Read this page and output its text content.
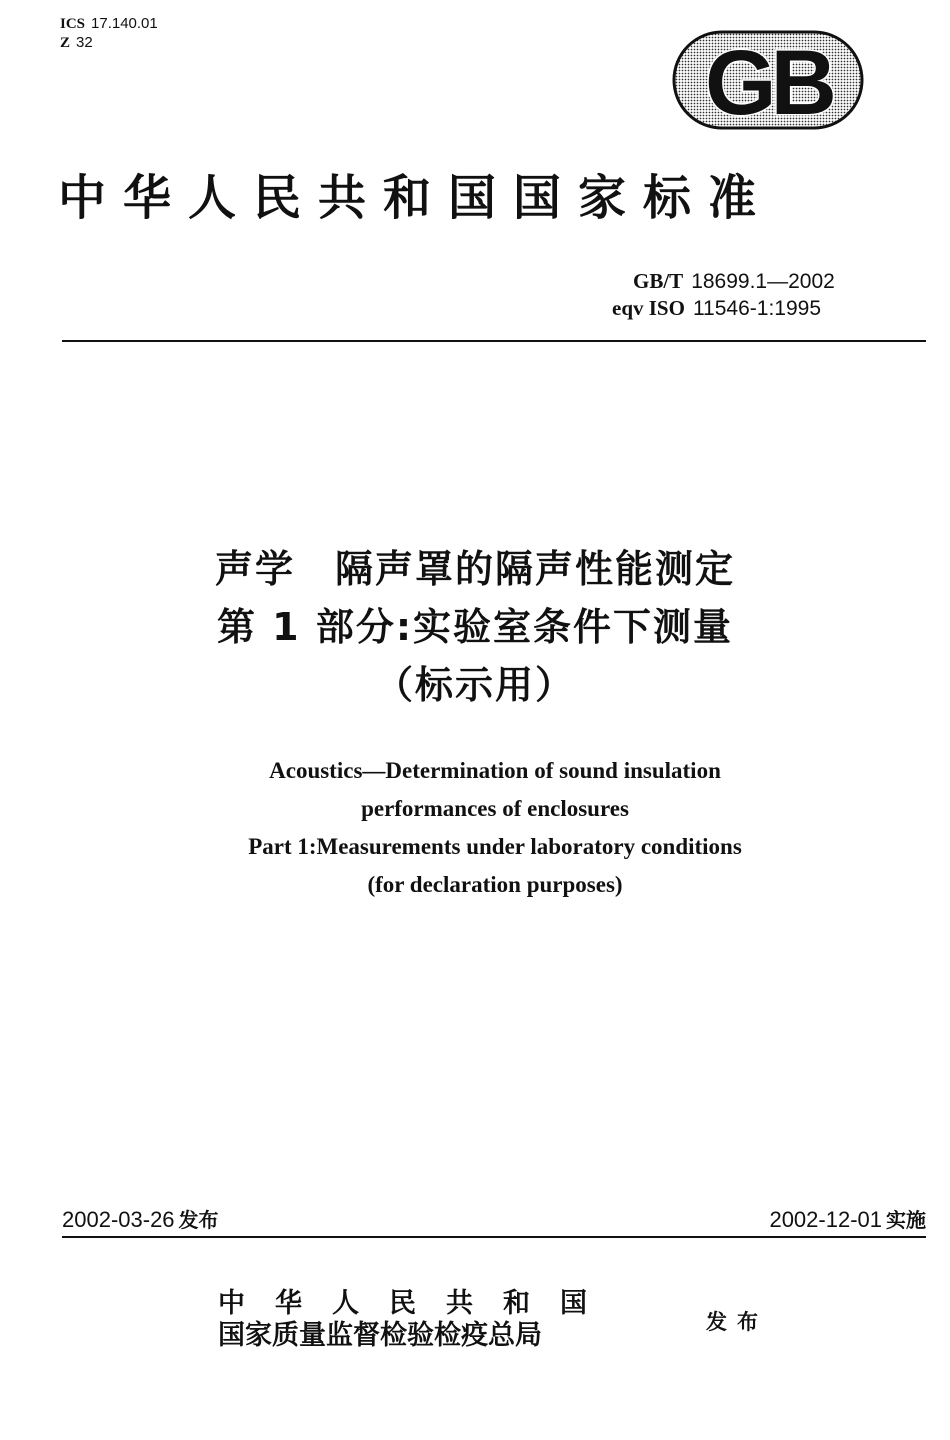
ICS 17.140.01
Z 32	GB
中华人民共和国国家标准
GB/T 18699.1—2002
eqv ISO 11546-1:1995
声学　隔声罩的隔声性能测定
第 1 部分:实验室条件下测量
（标示用）
Acoustics—Determination of sound insulation
performances of enclosures
Part 1:Measurements under laboratory conditions
(for declaration purposes)
2002-03-26 发布	2002-12-01 实施
中华人民共和国
国家质量监督检验检疫总局	发布
